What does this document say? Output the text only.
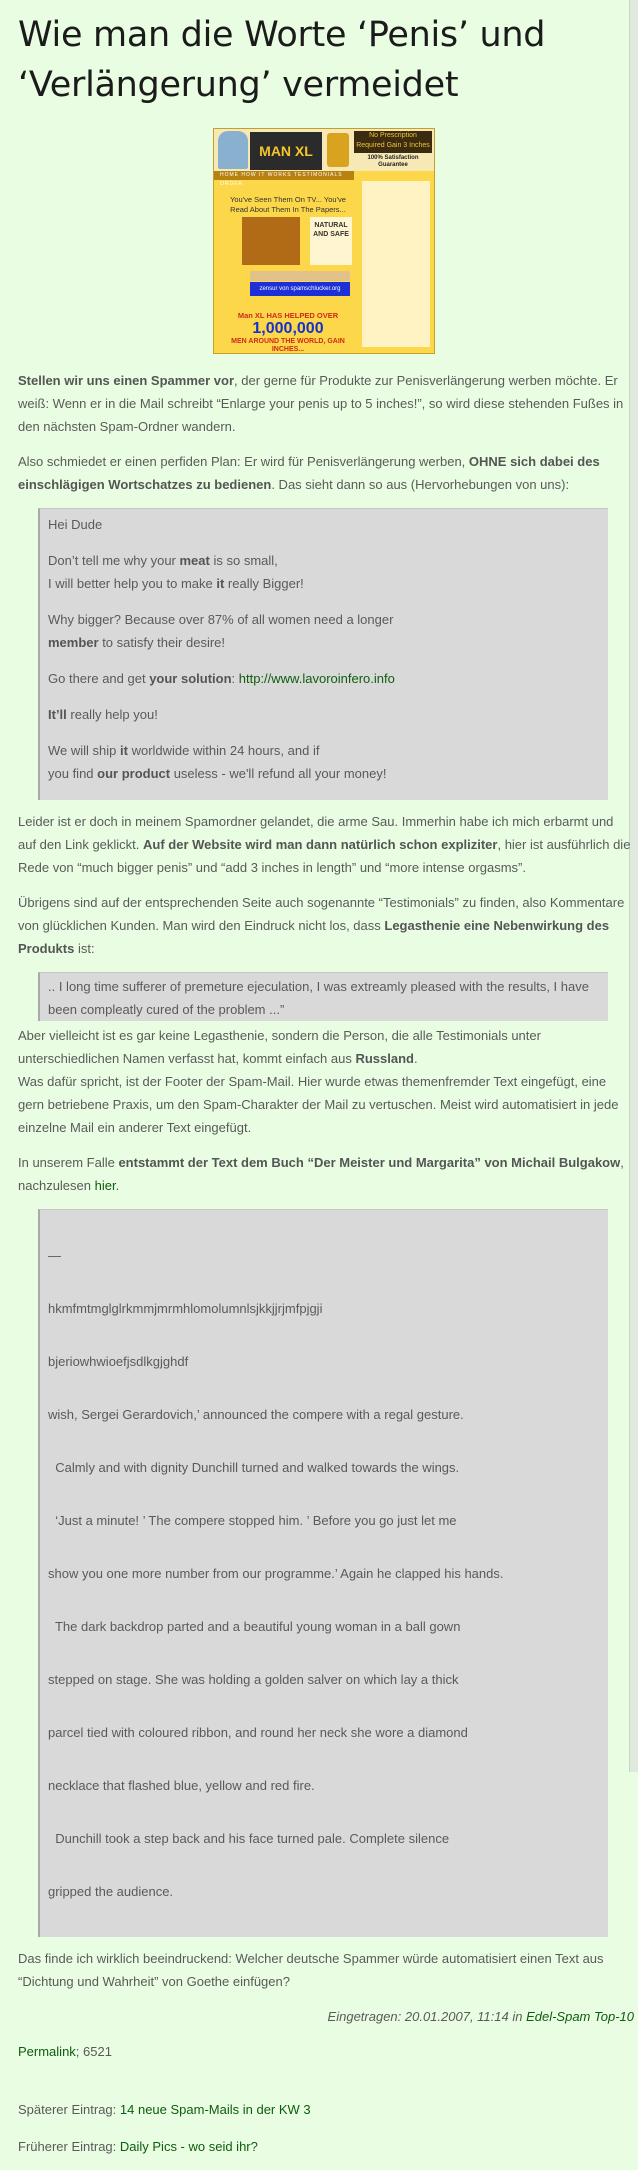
Wie man die Worte ‘Penis’ und ‘Verlängerung’ vermeidet
MAN XL
No Prescription Required Gain 3 Inches
100% Satisfaction Guarantee
HOME HOW IT WORKS TESTIMONIALS ORDER
You've Seen Them On TV... You've Read About Them In The Papers...
NATURAL AND SAFE
zensur von spamschlucker.org
Man XL HAS HELPED OVER
1,000,000
MEN AROUND THE WORLD, GAIN INCHES...

Stellen wir uns einen Spammer vor, der gerne für Produkte zur Penisverlängerung werben möchte. Er weiß: Wenn er in die Mail schreibt “Enlarge your penis up to 5 inches!”, so wird diese stehenden Fußes in den nächsten Spam-Ordner wandern.

Also schmiedet er einen perfiden Plan: Er wird für Penisverlängerung werben, OHNE sich dabei des einschlägigen Wortschatzes zu bedienen. Das sieht dann so aus (Hervorhebungen von uns):

Hei Dude

Don’t tell me why your meat is so small,
I will better help you to make it really Bigger!

Why bigger? Because over 87% of all women need a longer
member to satisfy their desire!

Go there and get your solution: http://www.lavoroinfero.info

It’ll really help you!

We will ship it worldwide within 24 hours, and if
you find our product useless - we'll refund all your money!

Leider ist er doch in meinem Spamordner gelandet, die arme Sau. Immerhin habe ich mich erbarmt und auf den Link geklickt. Auf der Website wird man dann natürlich schon expliziter, hier ist ausführlich die Rede von “much bigger penis” und “add 3 inches in length” und “more intense orgasms”.

Übrigens sind auf der entsprechenden Seite auch sogenannte “Testimonials” zu finden, also Kommentare von glücklichen Kunden. Man wird den Eindruck nicht los, dass Legasthenie eine Nebenwirkung des Produkts ist:

.. I long time sufferer of premeture ejeculation, I was extreamly pleased with the results, I have been compleatly cured of the problem ...”

Aber vielleicht ist es gar keine Legasthenie, sondern die Person, die alle Testimonials unter unterschiedlichen Namen verfasst hat, kommt einfach aus Russland.
Was dafür spricht, ist der Footer der Spam-Mail. Hier wurde etwas themenfremder Text eingefügt, eine gern betriebene Praxis, um den Spam-Charakter der Mail zu vertuschen. Meist wird automatisiert in jede einzelne Mail ein anderer Text eingefügt.

In unserem Falle entstammt der Text dem Buch “Der Meister und Margarita” von Michail Bulgakow, nachzulesen hier.

—

hkmfmtmglglrkmmjmrmhlomolumnlsjkkjjrjmfpjgji

bjeriowhwioefjsdlkgjghdf

wish, Sergei Gerardovich,’ announced the compere with a regal gesture.

Calmly and with dignity Dunchill turned and walked towards the wings.

‘Just a minute! ’ The compere stopped him. ’ Before you go just let me

show you one more number from our programme.’ Again he clapped his hands.

The dark backdrop parted and a beautiful young woman in a ball gown

stepped on stage. She was holding a golden salver on which lay a thick

parcel tied with coloured ribbon, and round her neck she wore a diamond

necklace that flashed blue, yellow and red fire.

Dunchill took a step back and his face turned pale. Complete silence

gripped the audience.

Das finde ich wirklich beeindruckend: Welcher deutsche Spammer würde automatisiert einen Text aus “Dichtung und Wahrheit” von Goethe einfügen?

Eingetragen: 20.01.2007, 11:14 in Edel-Spam Top-10

Permalink; 6521

Späterer Eintrag: 14 neue Spam-Mails in der KW 3

Früherer Eintrag: Daily Pics - wo seid ihr?
